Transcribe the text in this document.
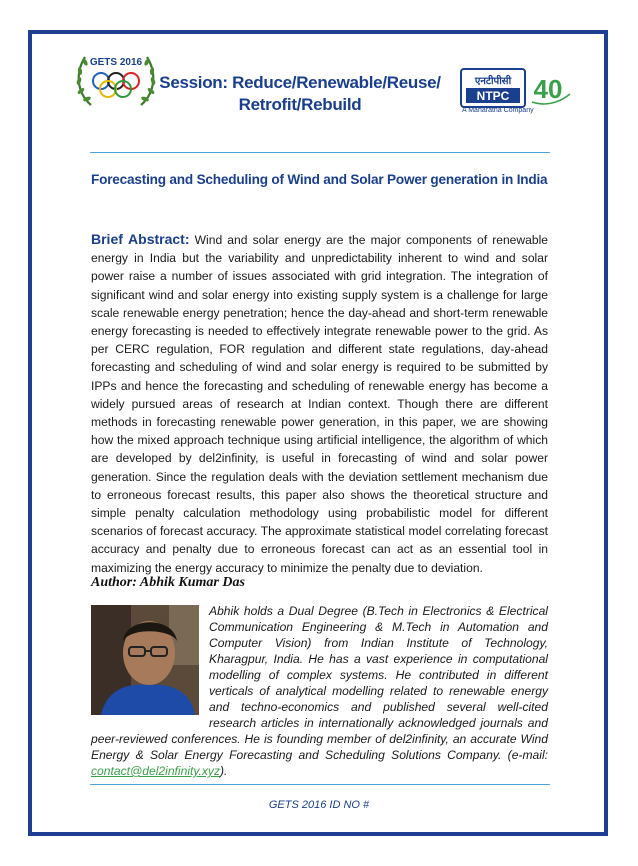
GETS 2016
Session: Reduce/Renewable/Reuse/
Retrofit/Rebuild
एनटीपीसी
NTPC
A Maharatna Company
40
Forecasting and Scheduling of Wind and Solar Power generation in India
Brief Abstract: Wind and solar energy are the major components of renewable energy in India but the variability and unpredictability inherent to wind and solar power raise a number of issues associated with grid integration. The integration of significant wind and solar energy into existing supply system is a challenge for large scale renewable energy penetration; hence the day-ahead and short-term renewable energy forecasting is needed to effectively integrate renewable power to the grid. As per CERC regulation, FOR regulation and different state regulations, day-ahead forecasting and scheduling of wind and solar energy is required to be submitted by IPPs and hence the forecasting and scheduling of renewable energy has become a widely pursued areas of research at Indian context. Though there are different methods in forecasting renewable power generation, in this paper, we are showing how the mixed approach technique using artificial intelligence, the algorithm of which are developed by del2infinity, is useful in forecasting of wind and solar power generation. Since the regulation deals with the deviation settlement mechanism due to erroneous forecast results, this paper also shows the theoretical structure and simple penalty calculation methodology using probabilistic model for different scenarios of forecast accuracy. The approximate statistical model correlating forecast accuracy and penalty due to erroneous forecast can act as an essential tool in maximizing the energy accuracy to minimize the penalty due to deviation.
Author: Abhik Kumar Das
Abhik holds a Dual Degree (B.Tech in Electronics & Electrical Communication Engineering & M.Tech in Automation and Computer Vision) from Indian Institute of Technology, Kharagpur, India. He has a vast experience in computational modelling of complex systems. He contributed in different verticals of analytical modelling related to renewable energy and techno-economics and published several well-cited research articles in internationally acknowledged journals and peer-reviewed conferences. He is founding member of del2infinity, an accurate Wind Energy & Solar Energy Forecasting and Scheduling Solutions Company. (e-mail: contact@del2infinity.xyz).
GETS 2016 ID NO #
